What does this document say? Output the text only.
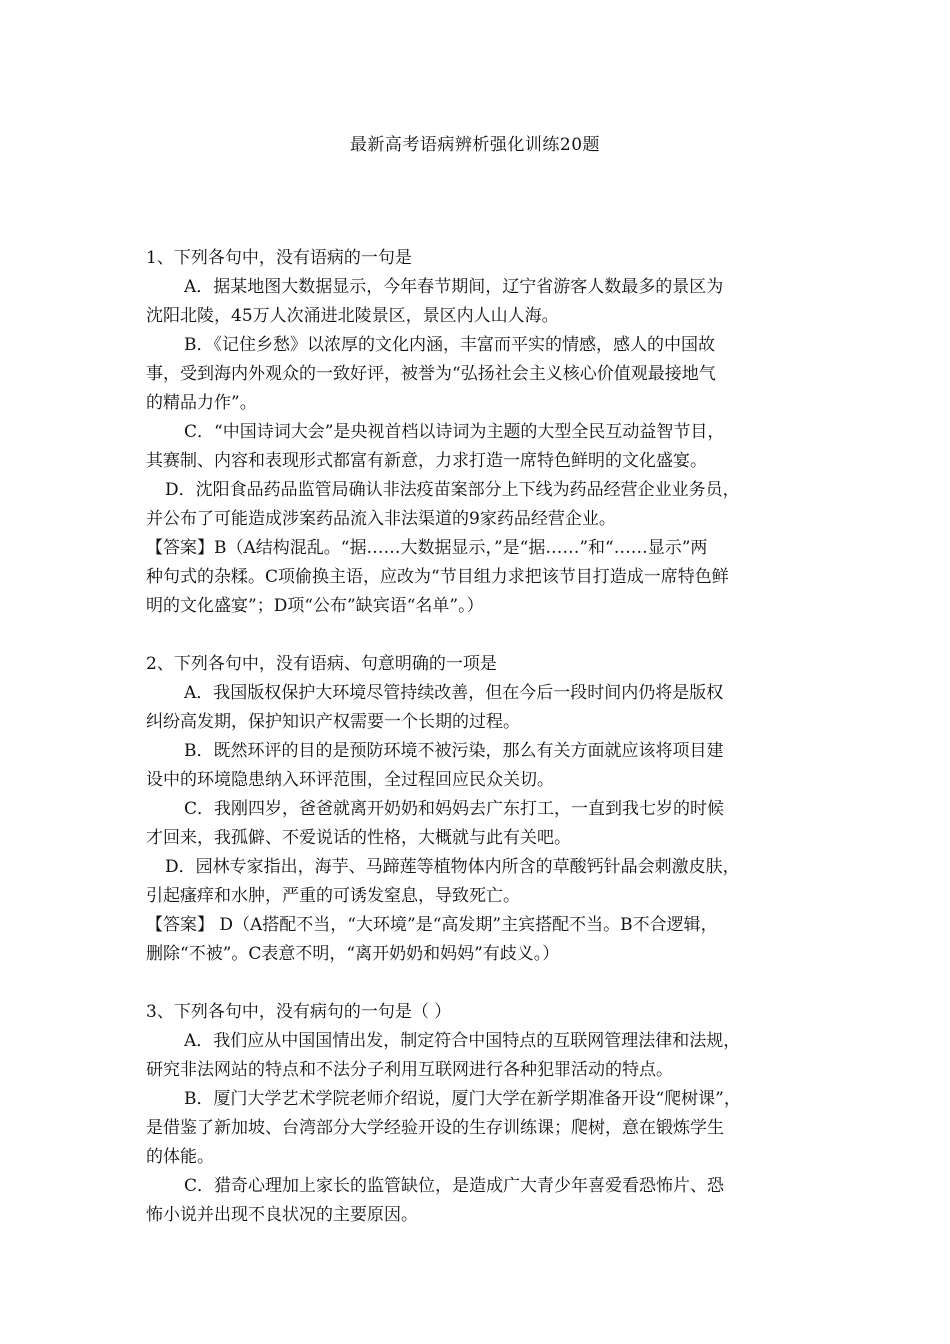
最新高考语病辨析强化训练20题
1、下列各句中，没有语病的一句是
A．据某地图大数据显示，今年春节期间，辽宁省游客人数最多的景区为
沈阳北陵，45万人次涌进北陵景区，景区内人山人海。
B．《记住乡愁》以浓厚的文化内涵，丰富而平实的情感，感人的中国故
事，受到海内外观众的一致好评，被誉为“弘扬社会主义核心价值观最接地气
的精品力作”。
C．“中国诗词大会”是央视首档以诗词为主题的大型全民互动益智节目，
其赛制、内容和表现形式都富有新意，力求打造一席特色鲜明的文化盛宴。
D．沈阳食品药品监管局确认非法疫苗案部分上下线为药品经营企业业务员，
并公布了可能造成涉案药品流入非法渠道的9家药品经营企业。
【答案】B（A结构混乱。“据……大数据显示，”是“据……”和“……显示”两
种句式的杂糅。C项偷换主语，应改为“节目组力求把该节目打造成一席特色鲜
明的文化盛宴”；D项“公布”缺宾语“名单”。）
2、下列各句中，没有语病、句意明确的一项是
A．我国版权保护大环境尽管持续改善，但在今后一段时间内仍将是版权
纠纷高发期，保护知识产权需要一个长期的过程。
B．既然环评的目的是预防环境不被污染，那么有关方面就应该将项目建
设中的环境隐患纳入环评范围，全过程回应民众关切。
C．我刚四岁，爸爸就离开奶奶和妈妈去广东打工，一直到我七岁的时候
才回来，我孤僻、不爱说话的性格，大概就与此有关吧。
D．园林专家指出，海芋、马蹄莲等植物体内所含的草酸钙针晶会刺激皮肤，
引起瘙痒和水肿，严重的可诱发窒息，导致死亡。
【答案】 D（A搭配不当，“大环境”是“高发期”主宾搭配不当。B不合逻辑，
删除“不被”。C表意不明，“离开奶奶和妈妈”有歧义。）
3、下列各句中，没有病句的一句是（ ）
A．我们应从中国国情出发，制定符合中国特点的互联网管理法律和法规，
研究非法网站的特点和不法分子利用互联网进行各种犯罪活动的特点。
B．厦门大学艺术学院老师介绍说，厦门大学在新学期准备开设“爬树课”，
是借鉴了新加坡、台湾部分大学经验开设的生存训练课；爬树，意在锻炼学生
的体能。
C．猎奇心理加上家长的监管缺位，是造成广大青少年喜爱看恐怖片、恐
怖小说并出现不良状况的主要原因。
